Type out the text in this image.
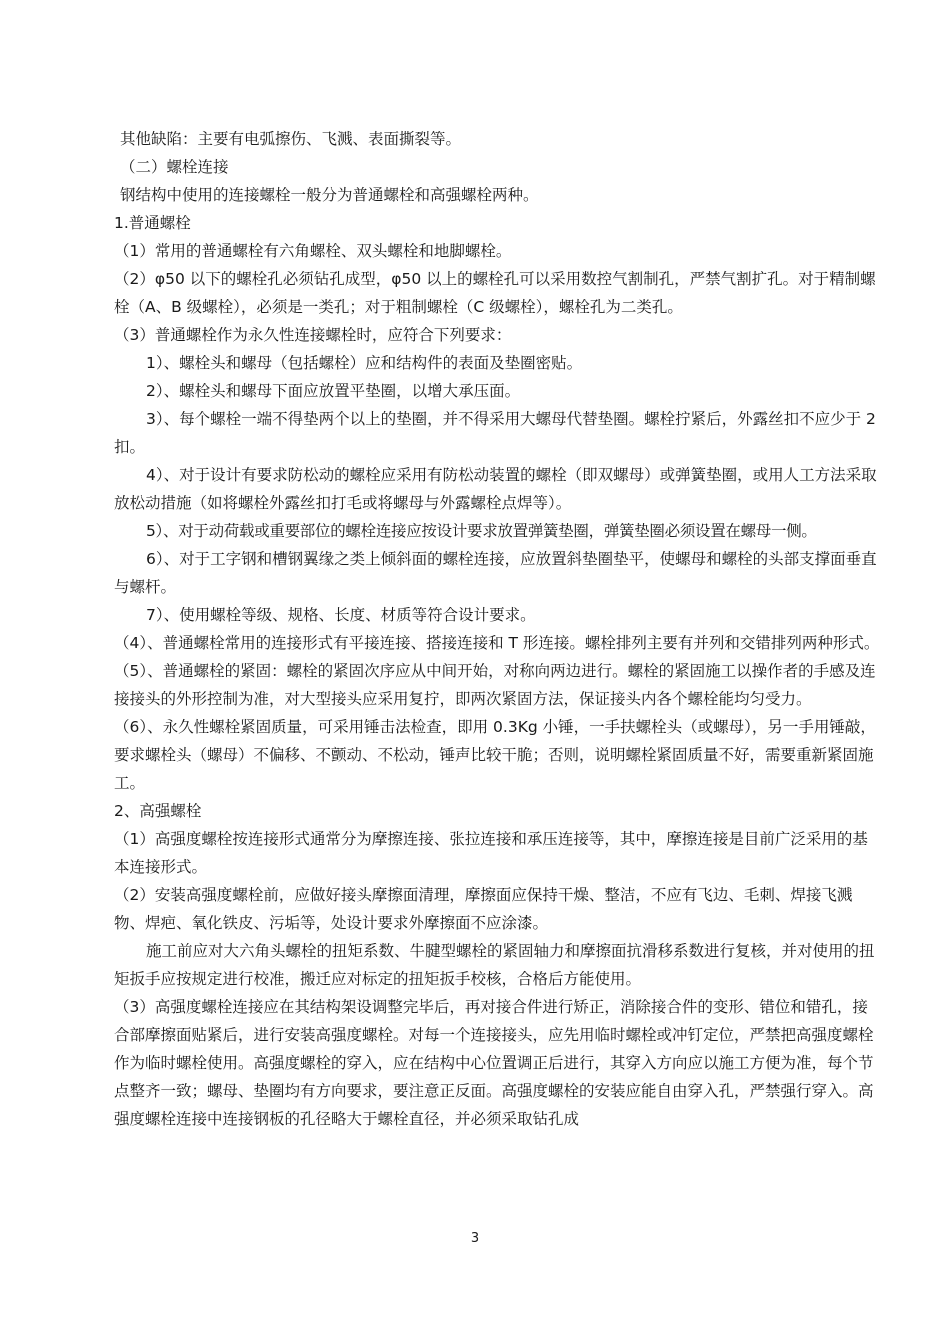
其他缺陷：主要有电弧擦伤、飞溅、表面撕裂等。

（二）螺栓连接

钢结构中使用的连接螺栓一般分为普通螺栓和高强螺栓两种。

1.普通螺栓

（1）常用的普通螺栓有六角螺栓、双头螺栓和地脚螺栓。

（2）φ50 以下的螺栓孔必须钻孔成型，φ50 以上的螺栓孔可以采用数控气割制孔，严禁气割扩孔。对于精制螺栓（A、B 级螺栓），必须是一类孔；对于粗制螺栓（C 级螺栓），螺栓孔为二类孔。

（3）普通螺栓作为永久性连接螺栓时，应符合下列要求：

1）、螺栓头和螺母（包括螺栓）应和结构件的表面及垫圈密贴。

2）、螺栓头和螺母下面应放置平垫圈，以增大承压面。

3）、每个螺栓一端不得垫两个以上的垫圈，并不得采用大螺母代替垫圈。螺栓拧紧后，外露丝扣不应少于 2 扣。

4）、对于设计有要求防松动的螺栓应采用有防松动装置的螺栓（即双螺母）或弹簧垫圈，或用人工方法采取放松动措施（如将螺栓外露丝扣打毛或将螺母与外露螺栓点焊等）。

5）、对于动荷载或重要部位的螺栓连接应按设计要求放置弹簧垫圈，弹簧垫圈必须设置在螺母一侧。

6）、对于工字钢和槽钢翼缘之类上倾斜面的螺栓连接，应放置斜垫圈垫平，使螺母和螺栓的头部支撑面垂直与螺杆。

7）、使用螺栓等级、规格、长度、材质等符合设计要求。

（4）、普通螺栓常用的连接形式有平接连接、搭接连接和 T 形连接。螺栓排列主要有并列和交错排列两种形式。

（5）、普通螺栓的紧固：螺栓的紧固次序应从中间开始，对称向两边进行。螺栓的紧固施工以操作者的手感及连接接头的外形控制为准，对大型接头应采用复拧，即两次紧固方法，保证接头内各个螺栓能均匀受力。

（6）、永久性螺栓紧固质量，可采用锤击法检查，即用 0.3Kg 小锤，一手扶螺栓头（或螺母），另一手用锤敲，要求螺栓头（螺母）不偏移、不颤动、不松动，锤声比较干脆；否则，说明螺栓紧固质量不好，需要重新紧固施工。

2、高强螺栓

（1）高强度螺栓按连接形式通常分为摩擦连接、张拉连接和承压连接等，其中，摩擦连接是目前广泛采用的基本连接形式。

（2）安装高强度螺栓前，应做好接头摩擦面清理，摩擦面应保持干燥、整洁，不应有飞边、毛刺、焊接飞溅物、焊疤、氧化铁皮、污垢等，处设计要求外摩擦面不应涂漆。

施工前应对大六角头螺栓的扭矩系数、牛腱型螺栓的紧固轴力和摩擦面抗滑移系数进行复核，并对使用的扭矩扳手应按规定进行校准，搬迁应对标定的扭矩扳手校核，合格后方能使用。

（3）高强度螺栓连接应在其结构架设调整完毕后，再对接合件进行矫正，消除接合件的变形、错位和错孔，接合部摩擦面贴紧后，进行安装高强度螺栓。对每一个连接接头，应先用临时螺栓或冲钉定位，严禁把高强度螺栓作为临时螺栓使用。高强度螺栓的穿入，应在结构中心位置调正后进行，其穿入方向应以施工方便为准，每个节点整齐一致；螺母、垫圈均有方向要求，要注意正反面。高强度螺栓的安装应能自由穿入孔，严禁强行穿入。高强度螺栓连接中连接钢板的孔径略大于螺栓直径，并必须采取钻孔成

3
